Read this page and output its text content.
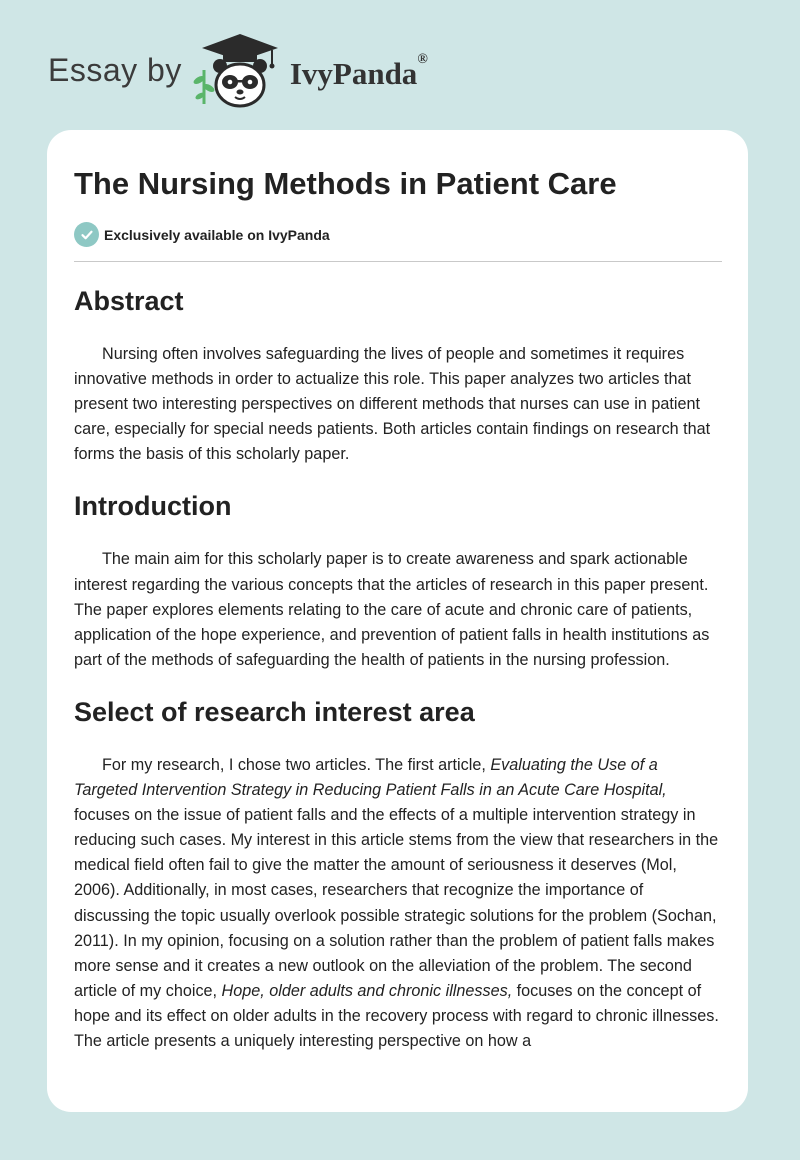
Essay by	IvyPanda®
The Nursing Methods in Patient Care
Exclusively available on IvyPanda
Abstract

Nursing often involves safeguarding the lives of people and sometimes it requires innovative methods in order to actualize this role. This paper analyzes two articles that present two interesting perspectives on different methods that nurses can use in patient care, especially for special needs patients. Both articles contain findings on research that forms the basis of this scholarly paper.

Introduction

The main aim for this scholarly paper is to create awareness and spark actionable interest regarding the various concepts that the articles of research in this paper present. The paper explores elements relating to the care of acute and chronic care of patients, application of the hope experience, and prevention of patient falls in health institutions as part of the methods of safeguarding the health of patients in the nursing profession.

Select of research interest area

For my research, I chose two articles. The first article, Evaluating the Use of a Targeted Intervention Strategy in Reducing Patient Falls in an Acute Care Hospital, focuses on the issue of patient falls and the effects of a multiple intervention strategy in reducing such cases. My interest in this article stems from the view that researchers in the medical field often fail to give the matter the amount of seriousness it deserves (Mol, 2006). Additionally, in most cases, researchers that recognize the importance of discussing the topic usually overlook possible strategic solutions for the problem (Sochan, 2011). In my opinion, focusing on a solution rather than the problem of patient falls makes more sense and it creates a new outlook on the alleviation of the problem. The second article of my choice, Hope, older adults and chronic illnesses, focuses on the concept of hope and its effect on older adults in the recovery process with regard to chronic illnesses. The article presents a uniquely interesting perspective on how a
